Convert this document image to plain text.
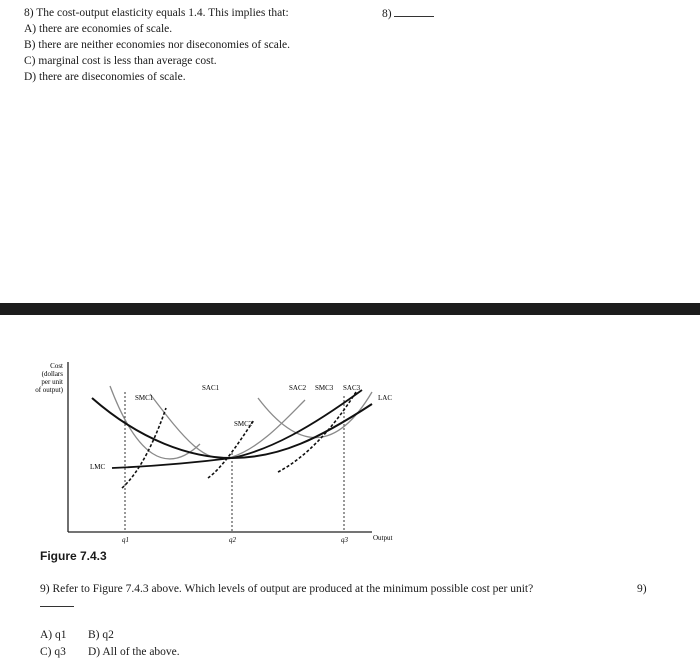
8) The cost-output elasticity equals 1.4. This implies that:	8)
A) there are economies of scale.
B) there are neither economies nor diseconomies of scale.
C) marginal cost is less than average cost.
D) there are diseconomies of scale.
Cost
(dollars
per unit
of output)
SMC1
SAC1
SMC2
SAC2 SMC3 SAC3
LAC
LMC
q1	q2	q3	Output
Figure 7.4.3
9) Refer to Figure 7.4.3 above. Which levels of output are produced at the minimum possible cost per unit?	9)
A) q1 B) q2
C) q3 D) All of the above.
